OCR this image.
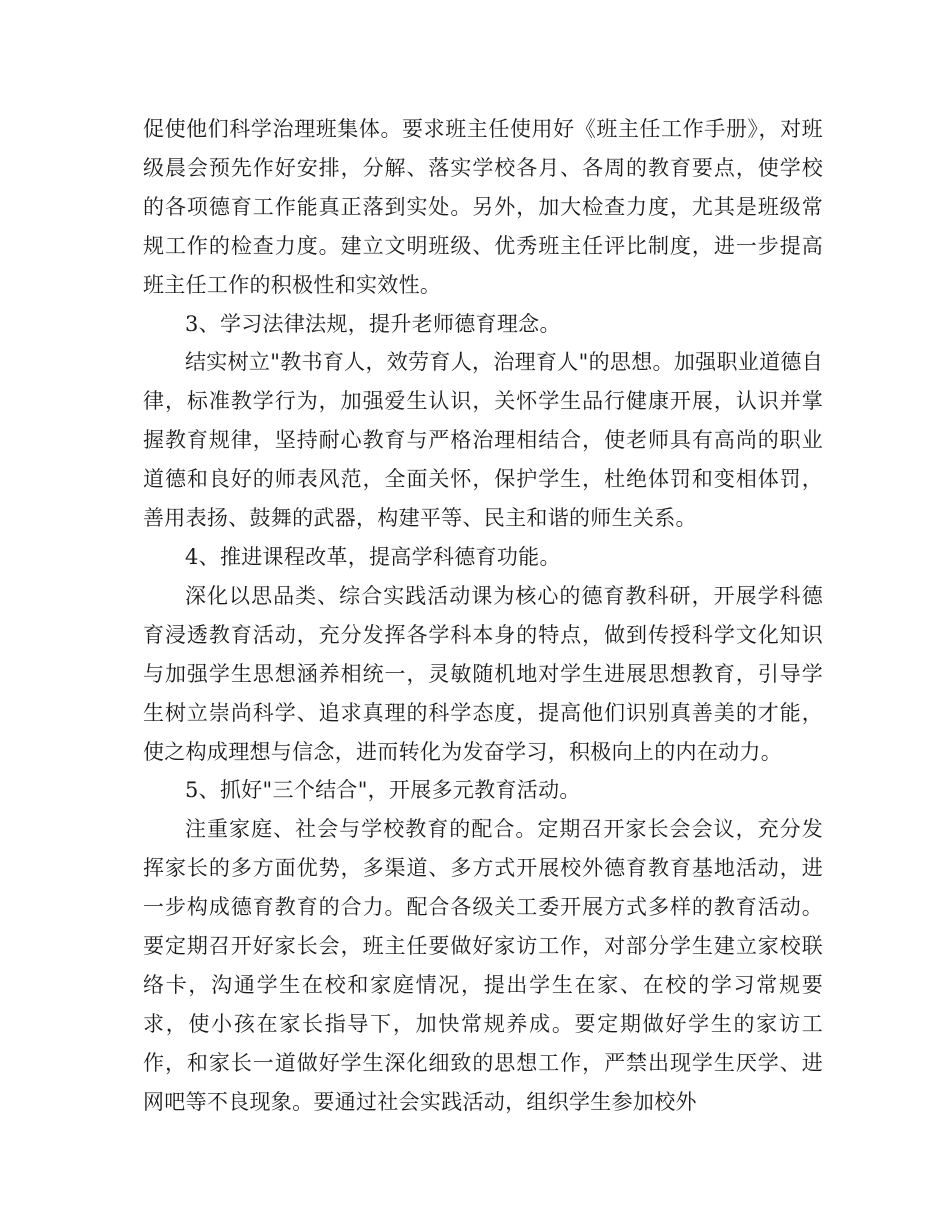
促使他们科学治理班集体。要求班主任使用好《班主任工作手册》，对班级晨会预先作好安排，分解、落实学校各月、各周的教育要点，使学校的各项德育工作能真正落到实处。另外，加大检查力度，尤其是班级常规工作的检查力度。建立文明班级、优秀班主任评比制度，进一步提高班主任工作的积极性和实效性。

3、学习法律法规，提升老师德育理念。

结实树立"教书育人，效劳育人，治理育人"的思想。加强职业道德自律，标准教学行为，加强爱生认识，关怀学生品行健康开展，认识并掌握教育规律，坚持耐心教育与严格治理相结合，使老师具有高尚的职业道德和良好的师表风范，全面关怀，保护学生，杜绝体罚和变相体罚，善用表扬、鼓舞的武器，构建平等、民主和谐的师生关系。

4、推进课程改革，提高学科德育功能。

深化以思品类、综合实践活动课为核心的德育教科研，开展学科德育浸透教育活动，充分发挥各学科本身的特点，做到传授科学文化知识与加强学生思想涵养相统一，灵敏随机地对学生进展思想教育，引导学生树立崇尚科学、追求真理的科学态度，提高他们识别真善美的才能，使之构成理想与信念，进而转化为发奋学习，积极向上的内在动力。

5、抓好"三个结合"，开展多元教育活动。

注重家庭、社会与学校教育的配合。定期召开家长会会议，充分发挥家长的多方面优势，多渠道、多方式开展校外德育教育基地活动，进一步构成德育教育的合力。配合各级关工委开展方式多样的教育活动。要定期召开好家长会，班主任要做好家访工作，对部分学生建立家校联络卡，沟通学生在校和家庭情况，提出学生在家、在校的学习常规要求，使小孩在家长指导下，加快常规养成。要定期做好学生的家访工作，和家长一道做好学生深化细致的思想工作，严禁出现学生厌学、进网吧等不良现象。要通过社会实践活动，组织学生参加校外
